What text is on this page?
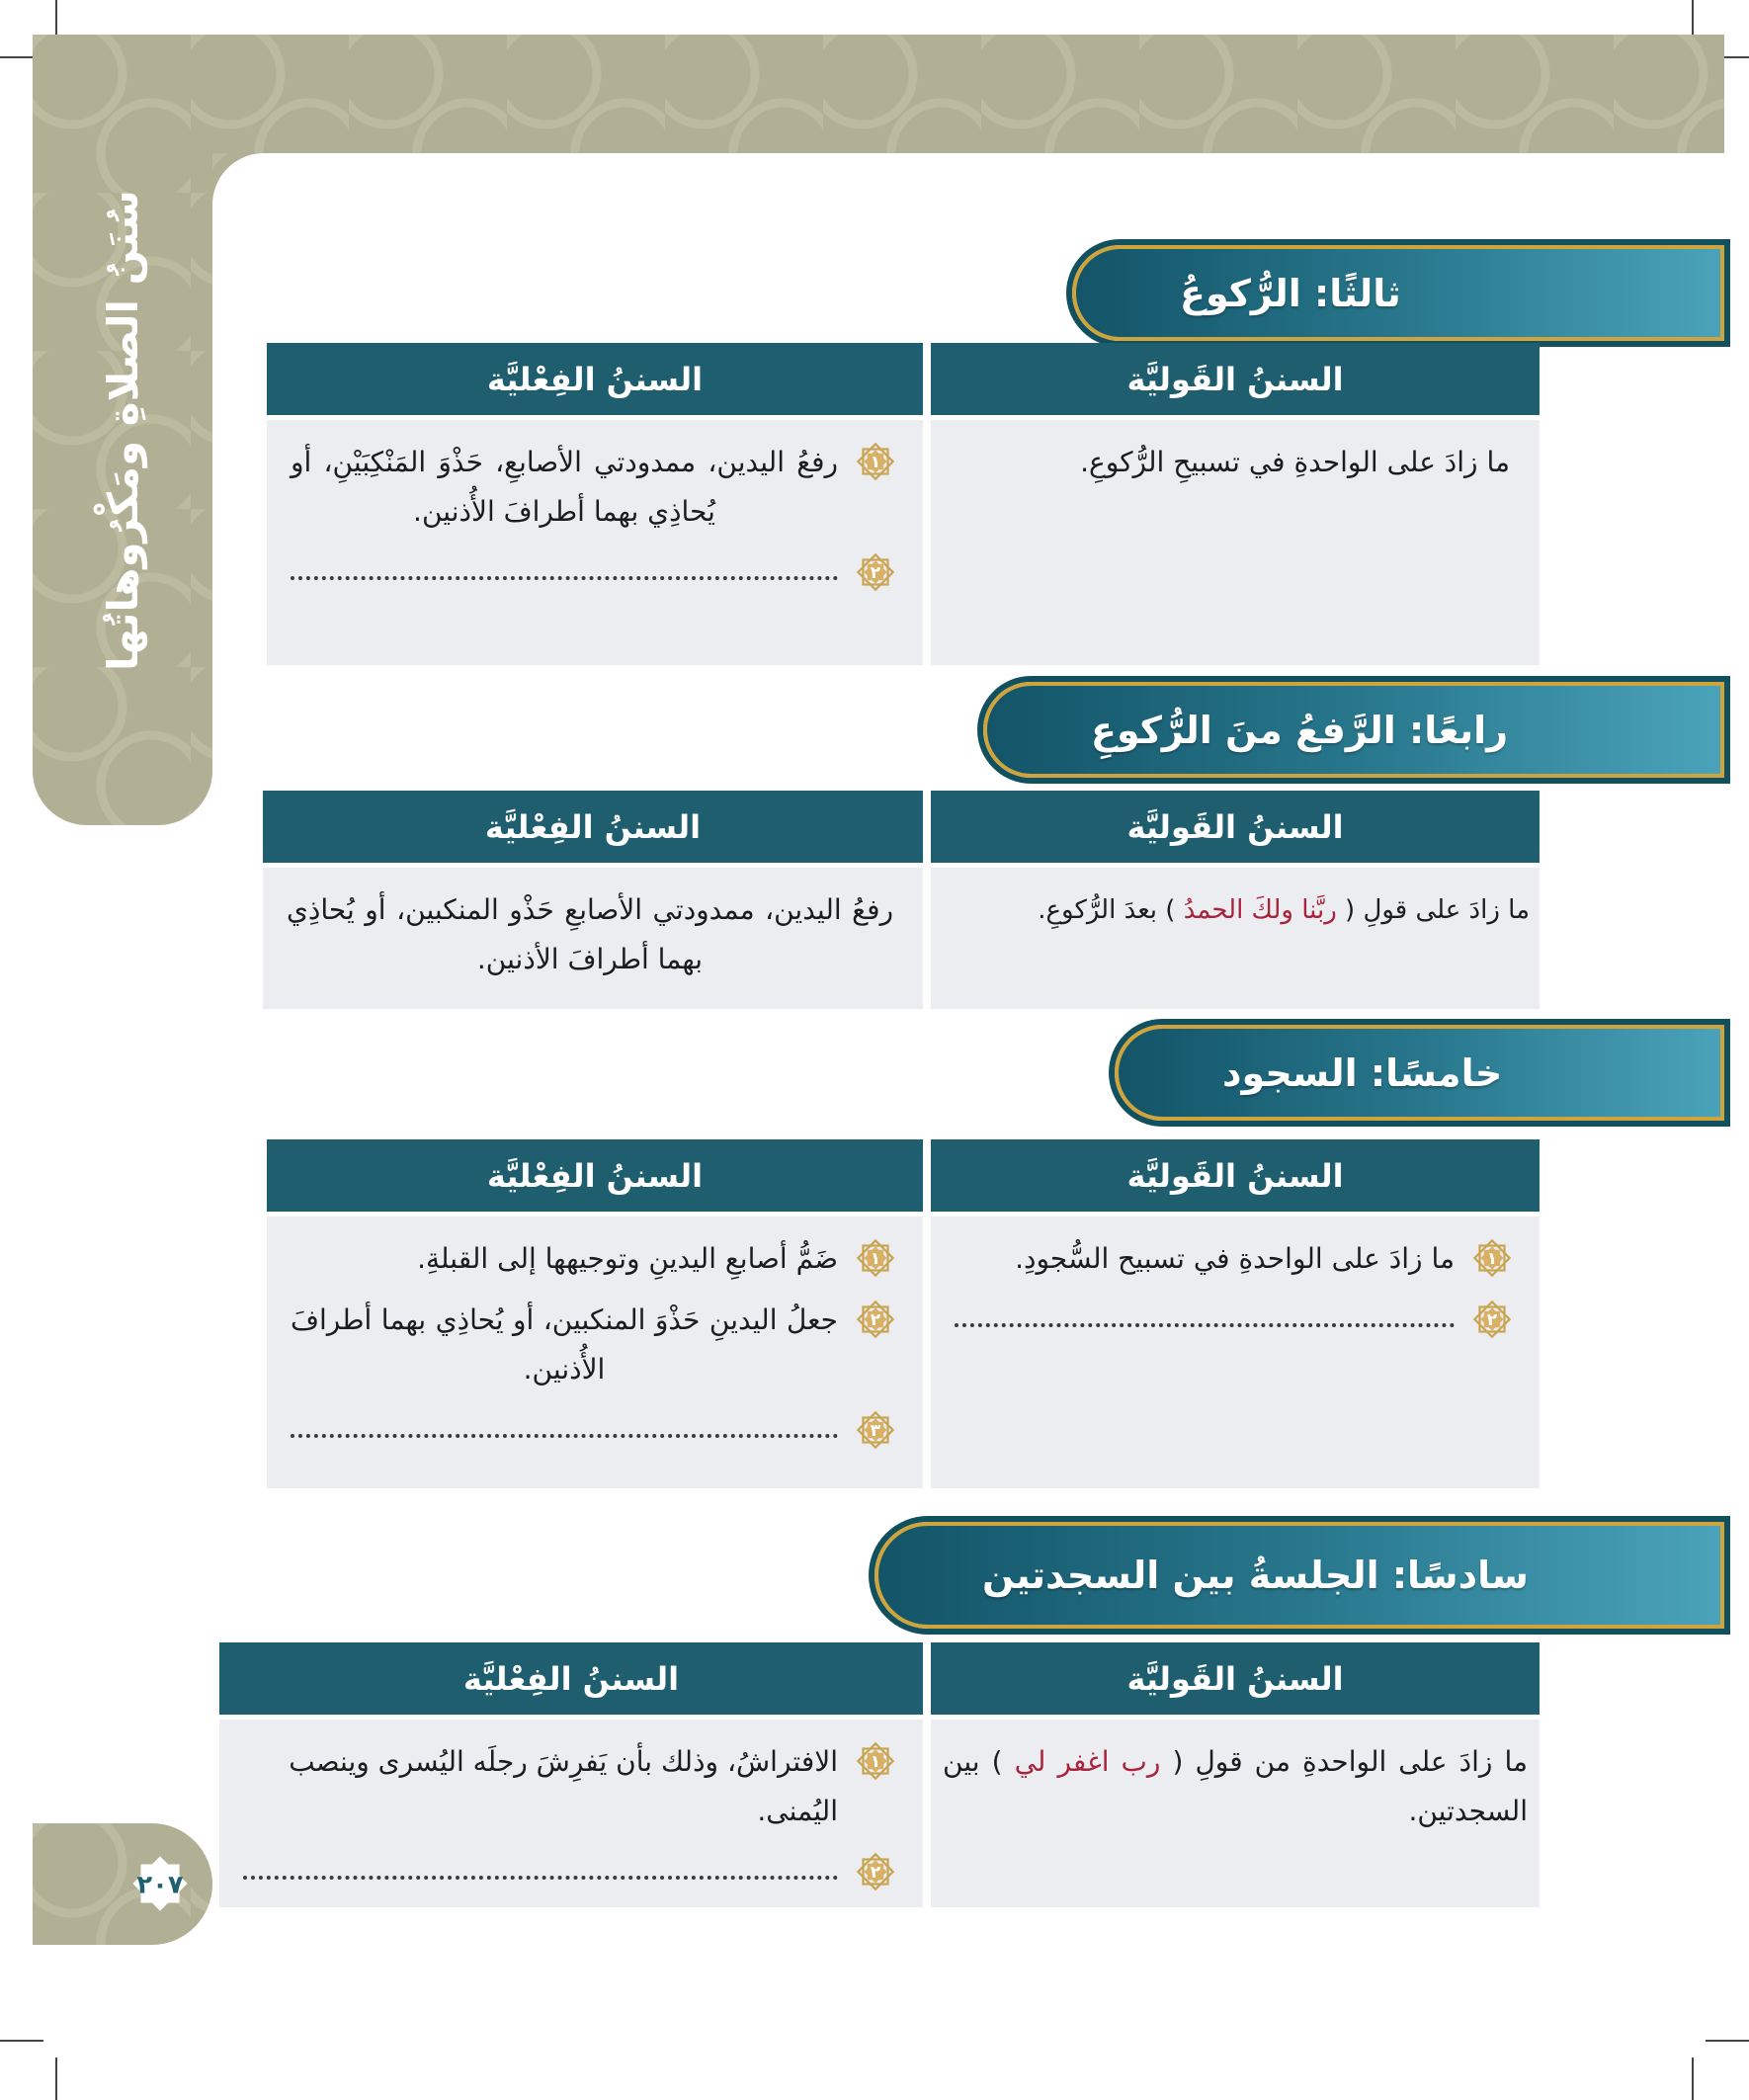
سُنَنُ الصلاةِ ومَكْرُوهاتُها	ثالثًا: الرُّكوعُ
السننُ القَوليَّة
السننُ الفِعْليَّة
ما زادَ على الواحدةِ في تسبيحِ الرُّكوعِ.
١
رفعُ اليدين، ممدودتي الأصابعِ، حَذْوَ المَنْكِبَيْنِ، أو يُحاذِي بهما أطرافَ الأُذنين.
٢
رابعًا: الرَّفعُ منَ الرُّكوعِ
السننُ القَوليَّة
السننُ الفِعْليَّة
ما زادَ على قولِ ( ربَّنا ولكَ الحمدُ ) بعدَ الرُّكوعِ.
رفعُ اليدين، ممدودتي الأصابعِ حَذْو المنكبين، أو يُحاذِي بهما أطرافَ الأذنين.
خامسًا: السجود
السننُ القَوليَّة
السننُ الفِعْليَّة
١
ما زادَ على الواحدةِ في تسبيح السُّجودِ.
٢
١
ضَمُّ أصابعِ اليدينِ وتوجيهها إلى القبلةِ.
٢
جعلُ اليدينِ حَذْوَ المنكبين، أو يُحاذِي بهما أطرافَ الأُذنين.
٣
سادسًا: الجلسةُ بين السجدتين
السننُ القَوليَّة
السننُ الفِعْليَّة
ما زادَ على الواحدةِ من قولِ ( رب اغفر لي ) بين السجدتين.
١
الافتراشُ، وذلك بأن يَفرِشَ رجلَه اليُسرى وينصب اليُمنى.
٢
٢٠٧
